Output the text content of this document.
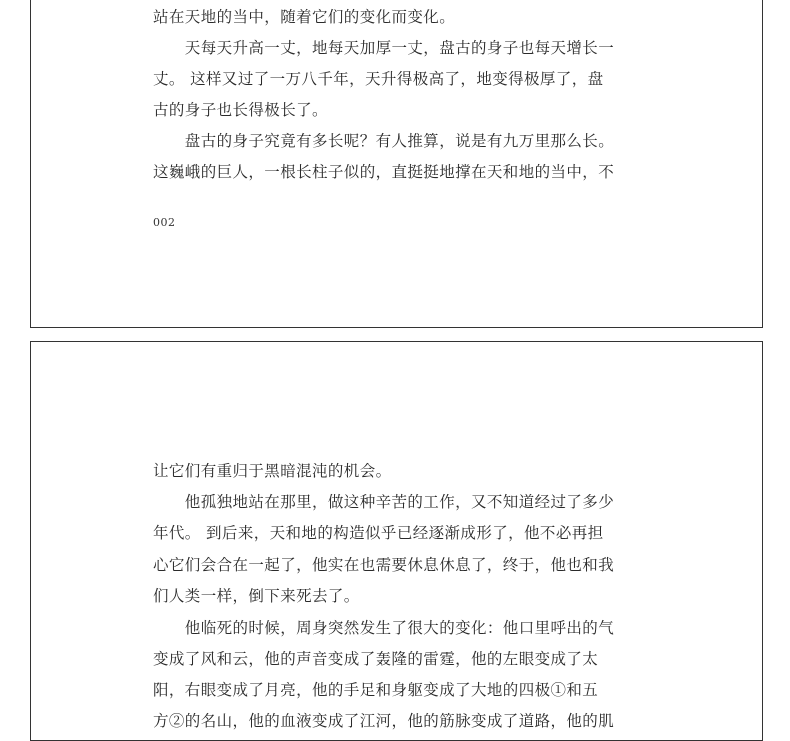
站在天地的当中，随着它们的变化而变化。
　　天每天升高一丈，地每天加厚一丈，盘古的身子也每天增长一
丈。 这样又过了一万八千年，天升得极高了，地变得极厚了，盘
古的身子也长得极长了。
　　盘古的身子究竟有多长呢？有人推算，说是有九万里那么长。
这巍峨的巨人，一根长柱子似的，直挺挺地撑在天和地的当中，不
002
让它们有重归于黑暗混沌的机会。
　　他孤独地站在那里，做这种辛苦的工作，又不知道经过了多少
年代。 到后来，天和地的构造似乎已经逐渐成形了，他不必再担
心它们会合在一起了，他实在也需要休息休息了，终于，他也和我
们人类一样，倒下来死去了。
　　他临死的时候，周身突然发生了很大的变化：他口里呼出的气
变成了风和云，他的声音变成了轰隆的雷霆，他的左眼变成了太
阳，右眼变成了月亮，他的手足和身躯变成了大地的四极①和五
方②的名山，他的血液变成了江河，他的筋脉变成了道路，他的肌
